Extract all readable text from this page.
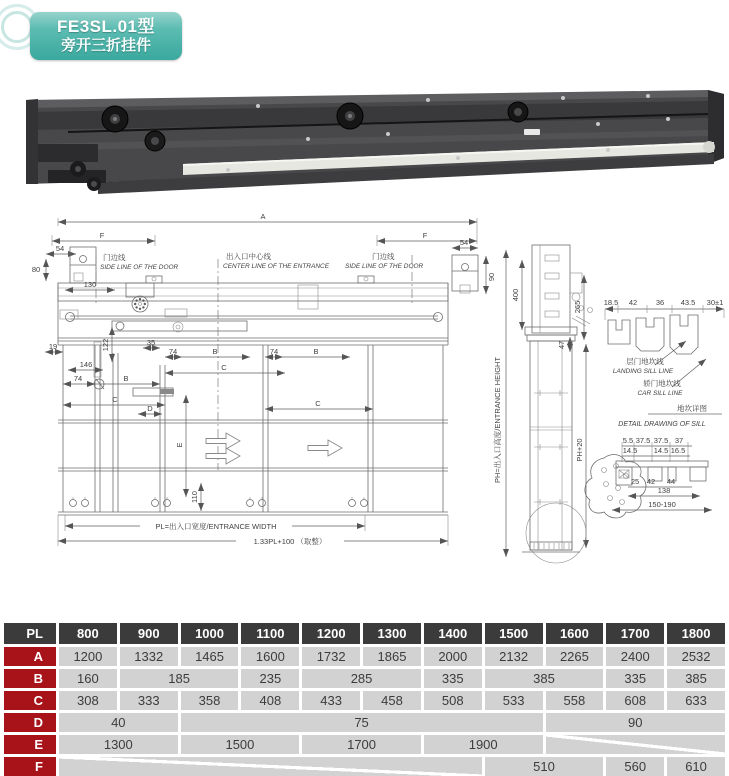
FE3SL.01型
旁开三折挂件
A
F	F
54
54
80
90
门边线
SIDE LINE OF THE DOOR
出入口中心线
CENTER LINE OF THE ENTRANCE
门边线
SIDE LINE OF THE DOOR
130
19	122	35
146
74	B
C
D
74	B	74	B
C
C
E
110
PL=出入口宽度/ENTRANCE WIDTH
1.33PL+100 （取整）
PH=出入口高度/ENTRANCE HEIGHT
400
265
47
PH+20
18.5 42 36 43.5 30±1
层门地坎线
LANDING SILL LINE
轿门地坎线
CAR SILL LINE
地坎详图
DETAIL DRAWING OF SILL
5.5 37.5 37.5 37
14.5 14.5 16.5
25 42 44
138
150-190
PL	800	900	1000	1100	1200	1300	1400	1500	1600	1700	1800
A	1200	1332	1465	1600	1732	1865	2000	2132	2265	2400	2532
B	160	185		235	285		335	385		335	385
C	308	333	358	408	433	458	508	533	558	608	633
D	40		75						90		
E	1300		1500		1700		1900				
F								510		560	610
